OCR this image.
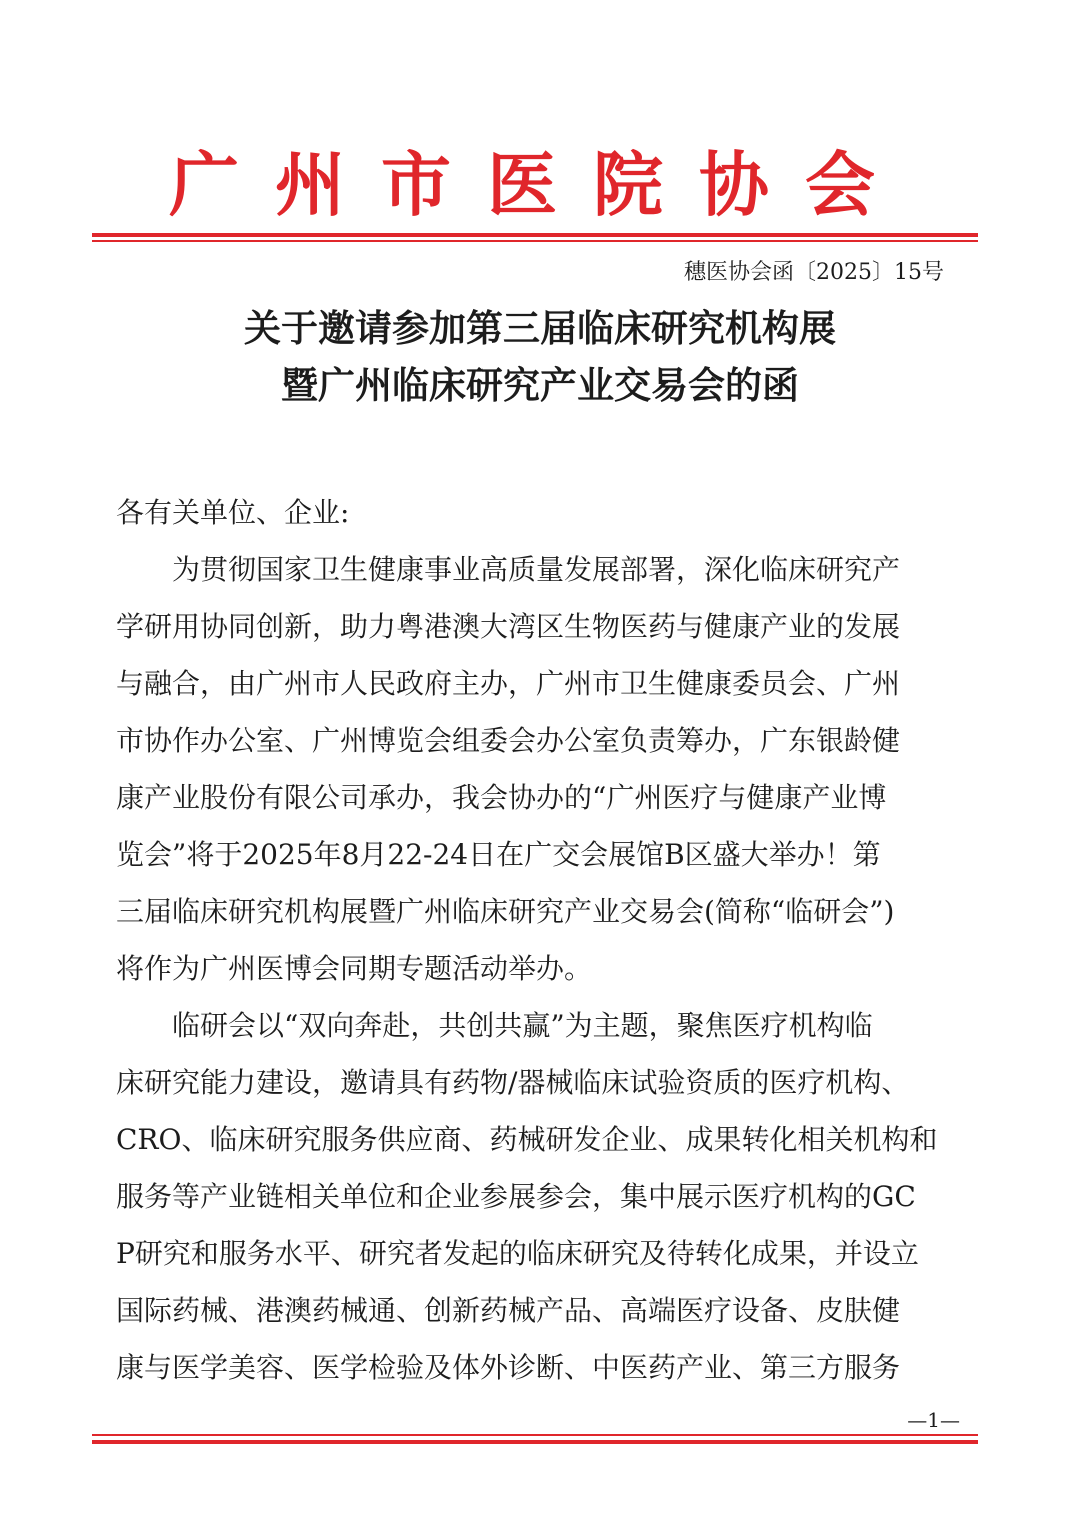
广州市医院协会
穗医协会函〔2025〕15号
关于邀请参加第三届临床研究机构展
暨广州临床研究产业交易会的函
各有关单位、企业:
　　为贯彻国家卫生健康事业高质量发展部署，深化临床研究产
学研用协同创新，助力粤港澳大湾区生物医药与健康产业的发展
与融合，由广州市人民政府主办，广州市卫生健康委员会、广州
市协作办公室、广州博览会组委会办公室负责筹办，广东银龄健
康产业股份有限公司承办，我会协办的“广州医疗与健康产业博
览会”将于2025年8月22-24日在广交会展馆B区盛大举办！第
三届临床研究机构展暨广州临床研究产业交易会(简称“临研会”)
将作为广州医博会同期专题活动举办。
　　临研会以“双向奔赴，共创共赢”为主题，聚焦医疗机构临
床研究能力建设，邀请具有药物/器械临床试验资质的医疗机构、
CRO、临床研究服务供应商、药械研发企业、成果转化相关机构和
服务等产业链相关单位和企业参展参会，集中展示医疗机构的GC
P研究和服务水平、研究者发起的临床研究及待转化成果，并设立
国际药械、港澳药械通、创新药械产品、高端医疗设备、皮肤健
康与医学美容、医学检验及体外诊断、中医药产业、第三方服务
—1—
